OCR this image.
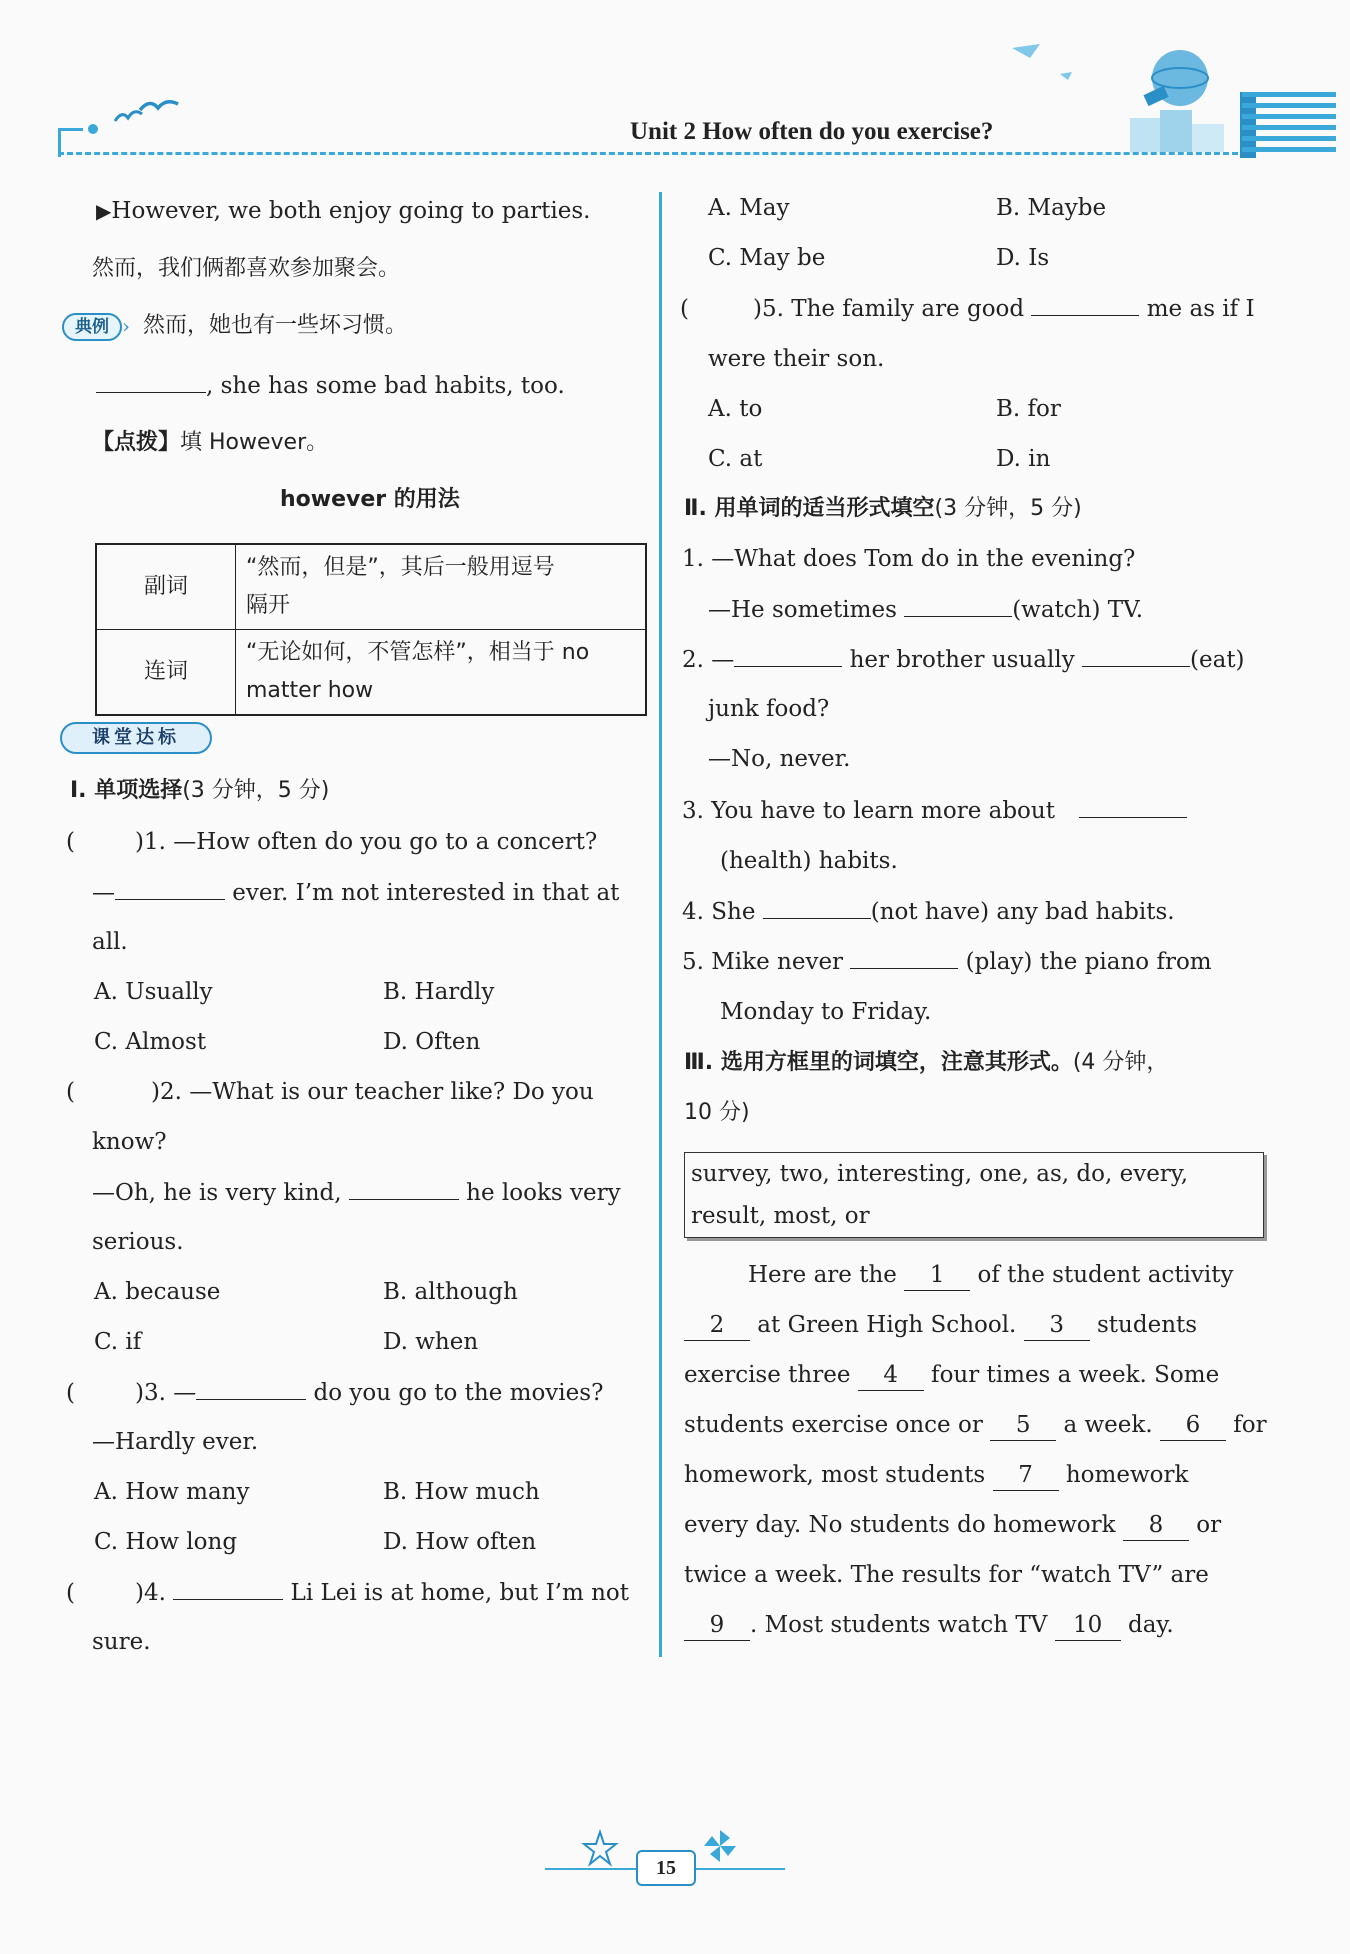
Unit 2 How often do you exercise?
▶However, we both enjoy going to parties.
然而，我们俩都喜欢参加聚会。
典例 › 然而，她也有一些坏习惯。
, she has some bad habits, too.
【点拨】填 However。
however 的用法
副词	“然而，但是”，其后一般用逗号
隔开
连词	“无论如何，不管怎样”，相当于 no
matter how
课堂达标
Ⅰ. 单项选择(3 分钟，5 分)
(	)1. —How often do you go to a concert?
—	ever. I’m not interested in that at
all.
A. Usually	B. Hardly
C. Almost	D. Often
(	)2. —What is our teacher like? Do you
know?
—Oh, he is very kind,	he looks very
serious.
A. because	B. although
C. if	D. when
(	)3. —	do you go to the movies?
—Hardly ever.
A. How many	B. How much
C. How long	D. How often
(	)4.	Li Lei is at home, but I’m not
sure.
A. May	B. Maybe
C. May be	D. Is
(	)5. The family are good	me as if I
were their son.
A. to	B. for
C. at	D. in
Ⅱ. 用单词的适当形式填空(3 分钟，5 分)
1. —What does Tom do in the evening?
—He sometimes	(watch) TV.
2. —	her brother usually	(eat)
junk food?
—No, never.
3. You have to learn more about
(health) habits.
4. She	(not have) any bad habits.
5. Mike never	(play) the piano from
Monday to Friday.
Ⅲ. 选用方框里的词填空，注意其形式。(4 分钟，
10 分)
survey, two, interesting, one, as, do, every,
result, most, or
Here are the 1 of the student activity
2 at Green High School. 3 students
exercise three 4 four times a week. Some
students exercise once or 5 a week. 6 for
homework, most students 7 homework
every day. No students do homework 8 or
twice a week. The results for “watch TV” are
9 . Most students watch TV 10 day.
15
